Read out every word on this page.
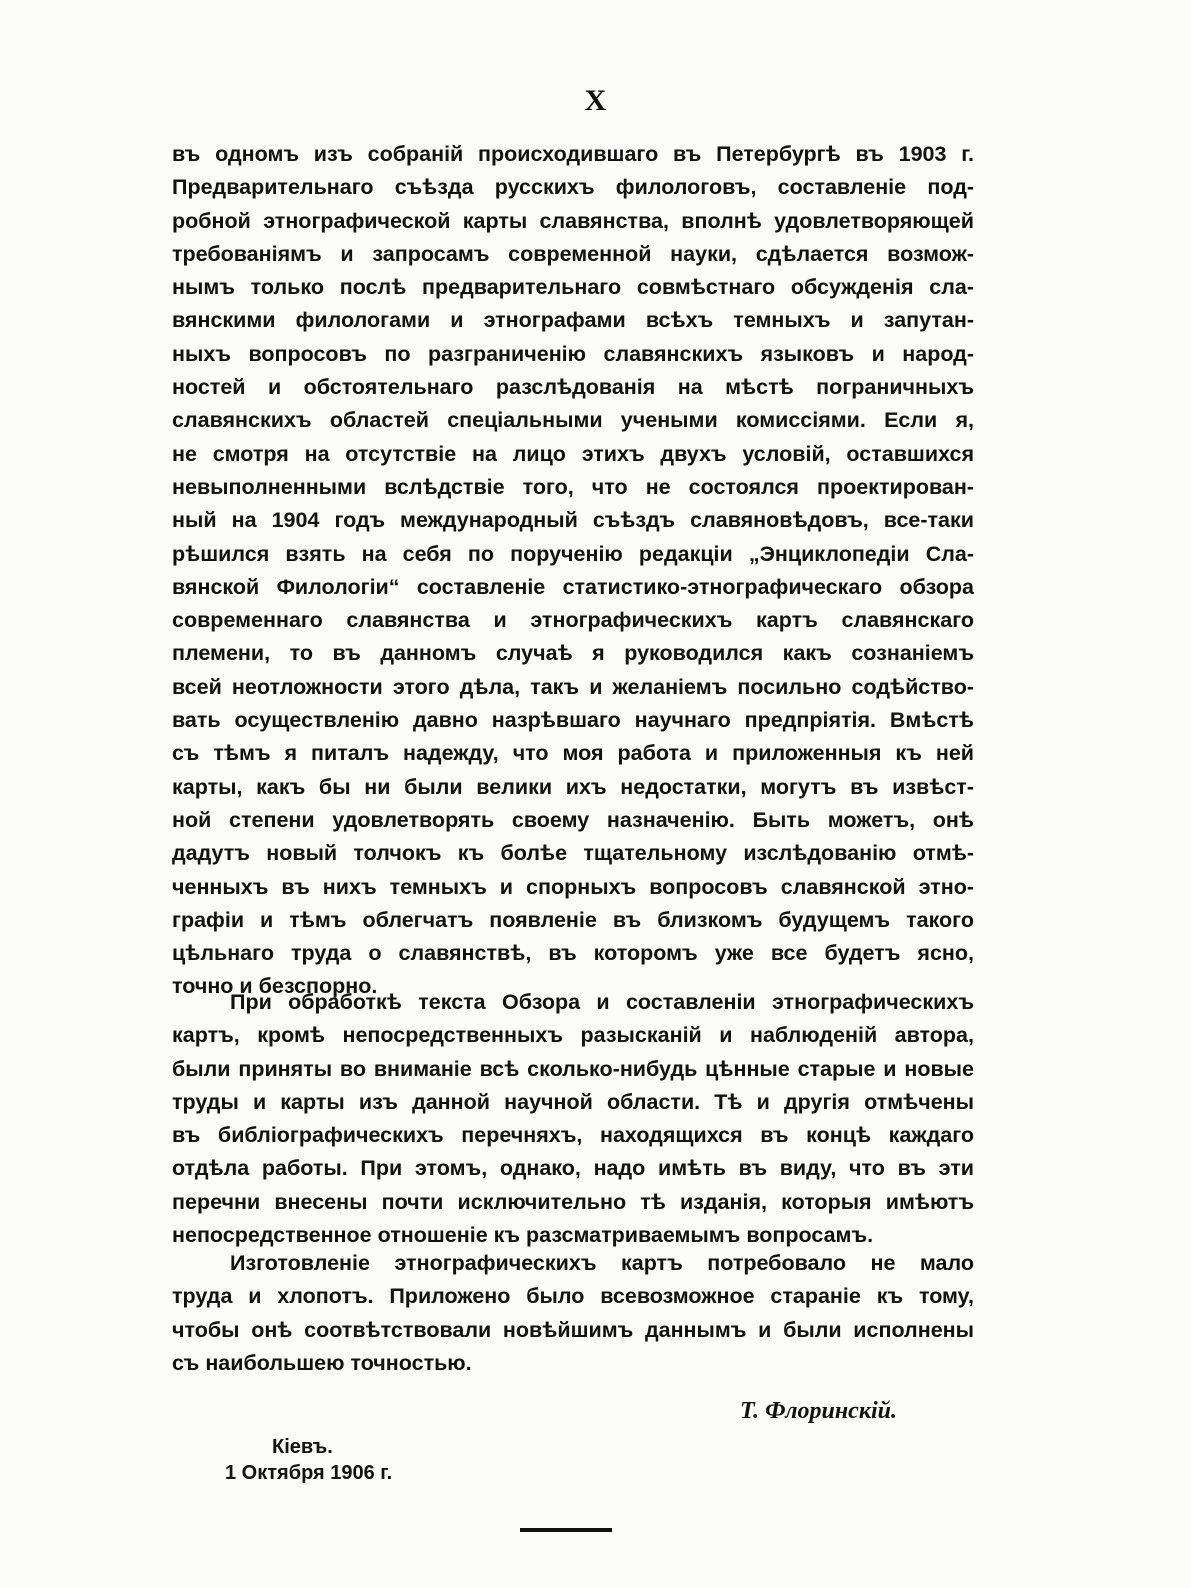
X
въ одномъ изъ собраній происходившаго въ Петербургѣ въ 1903 г.
Предварительнаго съѣзда русскихъ филологовъ, составленіе под-
робной этнографической карты славянства, вполнѣ удовлетворяющей
требованіямъ и запросамъ современной науки, сдѣлается возмож-
нымъ только послѣ предварительнаго совмѣстнаго обсужденія сла-
вянскими филологами и этнографами всѣхъ темныхъ и запутан-
ныхъ вопросовъ по разграниченію славянскихъ языковъ и народ-
ностей и обстоятельнаго разслѣдованія на мѣстѣ пограничныхъ
славянскихъ областей спеціальными учеными комиссіями. Если я,
не смотря на отсутствіе на лицо этихъ двухъ условій, оставшихся
невыполненными вслѣдствіе того, что не состоялся проектирован-
ный на 1904 годъ международный съѣздъ славяновѣдовъ, все-таки
рѣшился взять на себя по порученію редакціи „Энциклопедіи Сла-
вянской Филологіи“ составленіе статистико-этнографическаго обзора
современнаго славянства и этнографическихъ картъ славянскаго
племени, то въ данномъ случаѣ я руководился какъ сознаніемъ
всей неотложности этого дѣла, такъ и желаніемъ посильно содѣйство-
вать осуществленію давно назрѣвшаго научнаго предпріятія. Вмѣстѣ
съ тѣмъ я питалъ надежду, что моя работа и приложенныя къ ней
карты, какъ бы ни были велики ихъ недостатки, могутъ въ извѣст-
ной степени удовлетворять своему назначенію. Быть можетъ, онѣ
дадутъ новый толчокъ къ болѣе тщательному изслѣдованію отмѣ-
ченныхъ въ нихъ темныхъ и спорныхъ вопросовъ славянской этно-
графіи и тѣмъ облегчатъ появленіе въ близкомъ будущемъ такого
цѣльнаго труда о славянствѣ, въ которомъ уже все будетъ ясно,
точно и безспорно.
При обработкѣ текста Обзора и составленіи этнографическихъ
картъ, кромѣ непосредственныхъ разысканій и наблюденій автора,
были приняты во вниманіе всѣ сколько-нибудь цѣнные старые и новые
труды и карты изъ данной научной области. Тѣ и другія отмѣчены
въ библіографическихъ перечняхъ, находящихся въ концѣ каждаго
отдѣла работы. При этомъ, однако, надо имѣть въ виду, что въ эти
перечни внесены почти исключительно тѣ изданія, которыя имѣютъ
непосредственное отношеніе къ разсматриваемымъ вопросамъ.
Изготовленіе этнографическихъ картъ потребовало не мало
труда и хлопотъ. Приложено было всевозможное стараніе къ тому,
чтобы онѣ соотвѣтствовали новѣйшимъ даннымъ и были исполнены
съ наибольшею точностью.
Т. Флоринскій.
Кіевъ.
1 Октября 1906 г.
